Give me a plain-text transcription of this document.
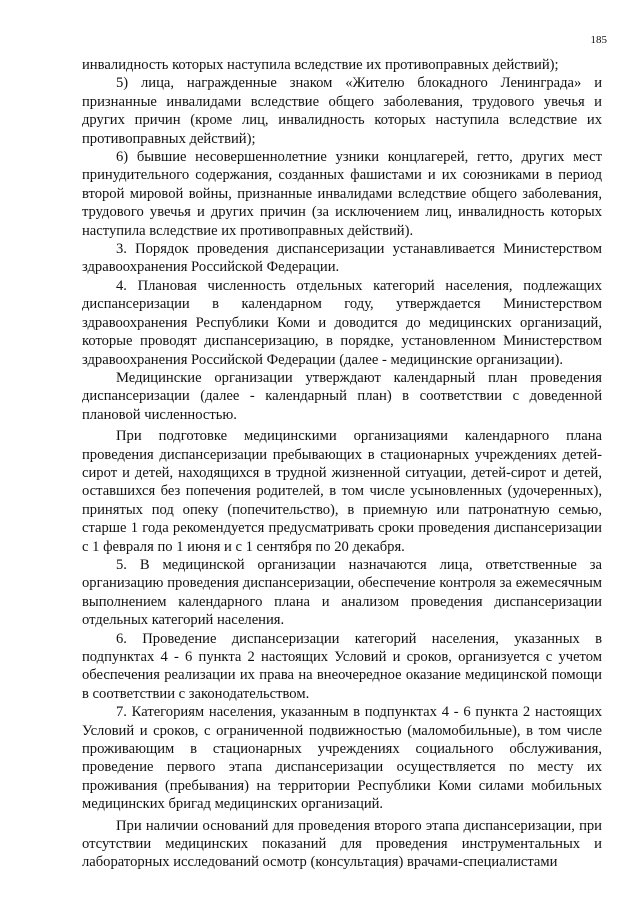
185

инвалидность которых наступила вследствие их противоправных действий);

5) лица, награжденные знаком «Жителю блокадного Ленинграда» и признанные инвалидами вследствие общего заболевания, трудового увечья и других причин (кроме лиц, инвалидность которых наступила вследствие их противоправных действий);

6) бывшие несовершеннолетние узники концлагерей, гетто, других мест принудительного содержания, созданных фашистами и их союзниками в период второй мировой войны, признанные инвалидами вследствие общего заболевания, трудового увечья и других причин (за исключением лиц, инвалидность которых наступила вследствие их противоправных действий).

3. Порядок проведения диспансеризации устанавливается Министерством здравоохранения Российской Федерации.

4. Плановая численность отдельных категорий населения, подлежащих диспансеризации в календарном году, утверждается Министерством здравоохранения Республики Коми и доводится до медицинских организаций, которые проводят диспансеризацию, в порядке, установленном Министерством здравоохранения Российской Федерации (далее - медицинские организации).

Медицинские организации утверждают календарный план проведения диспансеризации (далее - календарный план) в соответствии с доведенной плановой численностью.

При подготовке медицинскими организациями календарного плана проведения диспансеризации пребывающих в стационарных учреждениях детей-сирот и детей, находящихся в трудной жизненной ситуации, детей-сирот и детей, оставшихся без попечения родителей, в том числе усыновленных (удочеренных), принятых под опеку (попечительство), в приемную или патронатную семью, старше 1 года рекомендуется предусматривать сроки проведения диспансеризации с 1 февраля по 1 июня и с 1 сентября по 20 декабря.

5. В медицинской организации назначаются лица, ответственные за организацию проведения диспансеризации, обеспечение контроля за ежемесячным выполнением календарного плана и анализом проведения диспансеризации отдельных категорий населения.

6. Проведение диспансеризации категорий населения, указанных в подпунктах 4 - 6 пункта 2 настоящих Условий и сроков, организуется с учетом обеспечения реализации их права на внеочередное оказание медицинской помощи в соответствии с законодательством.

7. Категориям населения, указанным в подпунктах 4 - 6 пункта 2 настоящих Условий и сроков, с ограниченной подвижностью (маломобильные), в том числе проживающим в стационарных учреждениях социального обслуживания, проведение первого этапа диспансеризации осуществляется по месту их проживания (пребывания) на территории Республики Коми силами мобильных медицинских бригад медицинских организаций.

При наличии оснований для проведения второго этапа диспансеризации, при отсутствии медицинских показаний для проведения инструментальных и лабораторных исследований осмотр (консультация) врачами-специалистами
